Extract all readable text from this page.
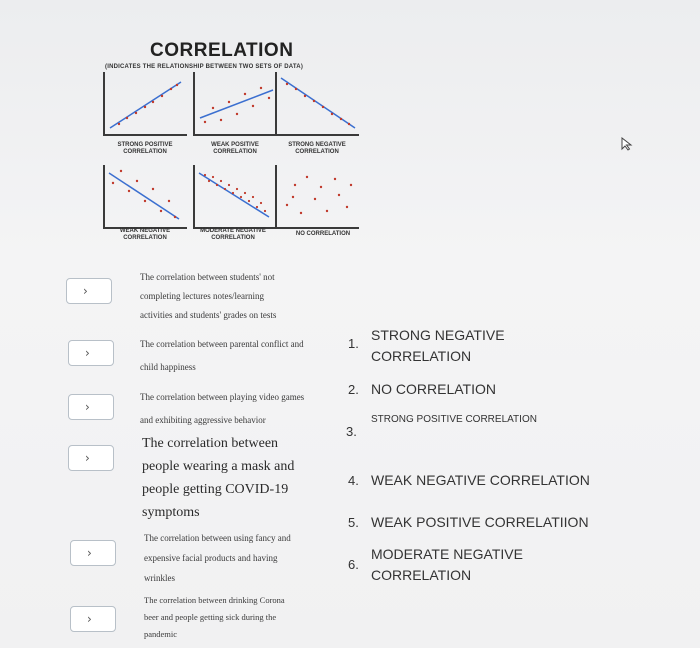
CORRELATION
(INDICATES THE RELATIONSHIP BETWEEN TWO SETS OF DATA)
STRONG POSITIVE CORRELATION
WEAK POSITIVE CORRELATION
STRONG NEGATIVE CORRELATION
WEAK NEGATIVE CORRELATION
MODERATE NEGATIVE CORRELATION
NO CORRELATION
›
›
›
›
›
›
The correlation between students' not
completing lectures notes/learning
activities and students' grades on tests
The correlation between parental conflict and
child happiness
The correlation between playing video games
and exhibiting aggressive behavior
The correlation between
people wearing a mask and
people getting COVID-19
symptoms
The correlation between using fancy and
expensive facial products and having
wrinkles
The correlation between drinking Corona
beer and people getting sick during the
pandemic
1.
STRONG NEGATIVE
CORRELATION
2. NO CORRELATION
3.
STRONG POSITIVE CORRELATION
4. WEAK NEGATIVE CORRELATION
5. WEAK POSITIVE CORRELATIION
6.
MODERATE NEGATIVE
CORRELATION
